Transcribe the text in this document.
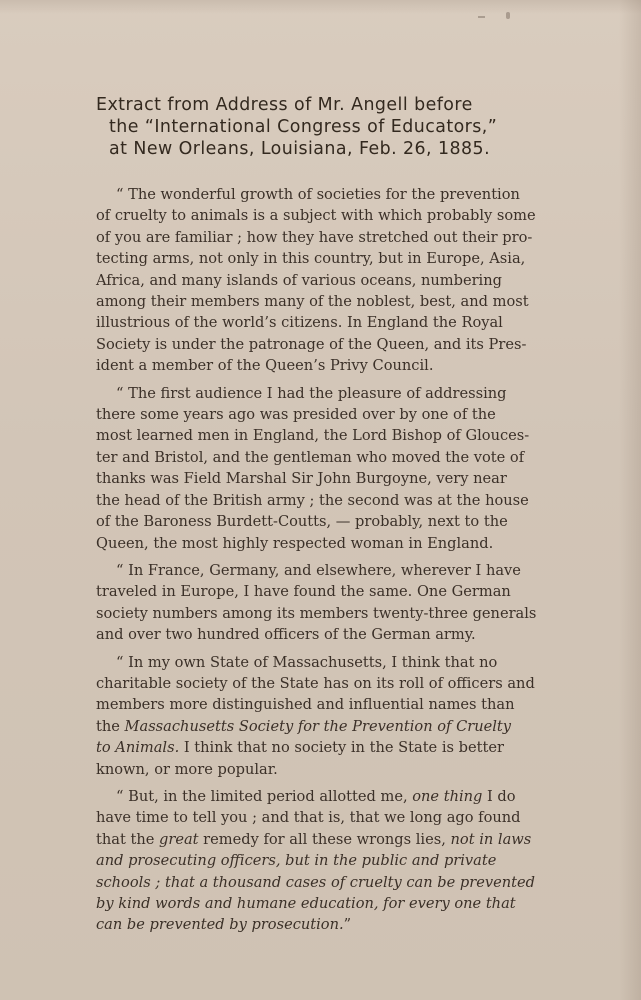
Extract from Address of Mr. Angell before
the “International Congress of Educators,”
at New Orleans, Louisiana, Feb. 26, 1885.
“ The wonderful growth of societies for the prevention
of cruelty to animals is a subject with which probably some
of you are familiar ; how they have stretched out their pro-
tecting arms, not only in this country, but in Europe, Asia,
Africa, and many islands of various oceans, numbering
among their members many of the noblest, best, and most
illustrious of the world’s citizens. In England the Royal
Society is under the patronage of the Queen, and its Pres-
ident a member of the Queen’s Privy Council.
“ The first audience I had the pleasure of addressing
there some years ago was presided over by one of the
most learned men in England, the Lord Bishop of Glouces-
ter and Bristol, and the gentleman who moved the vote of
thanks was Field Marshal Sir John Burgoyne, very near
the head of the British army ; the second was at the house
of the Baroness Burdett-Coutts, — probably, next to the
Queen, the most highly respected woman in England.
“ In France, Germany, and elsewhere, wherever I have
traveled in Europe, I have found the same. One German
society numbers among its members twenty-three generals
and over two hundred officers of the German army.
“ In my own State of Massachusetts, I think that no
charitable society of the State has on its roll of officers and
members more distinguished and influential names than
the Massachusetts Society for the Prevention of Cruelty
to Animals. I think that no society in the State is better
known, or more popular.
“ But, in the limited period allotted me, one thing I do
have time to tell you ; and that is, that we long ago found
that the great remedy for all these wrongs lies, not in laws
and prosecuting officers, but in the public and private
schools ; that a thousand cases of cruelty can be prevented
by kind words and humane education, for every one that
can be prevented by prosecution.”
